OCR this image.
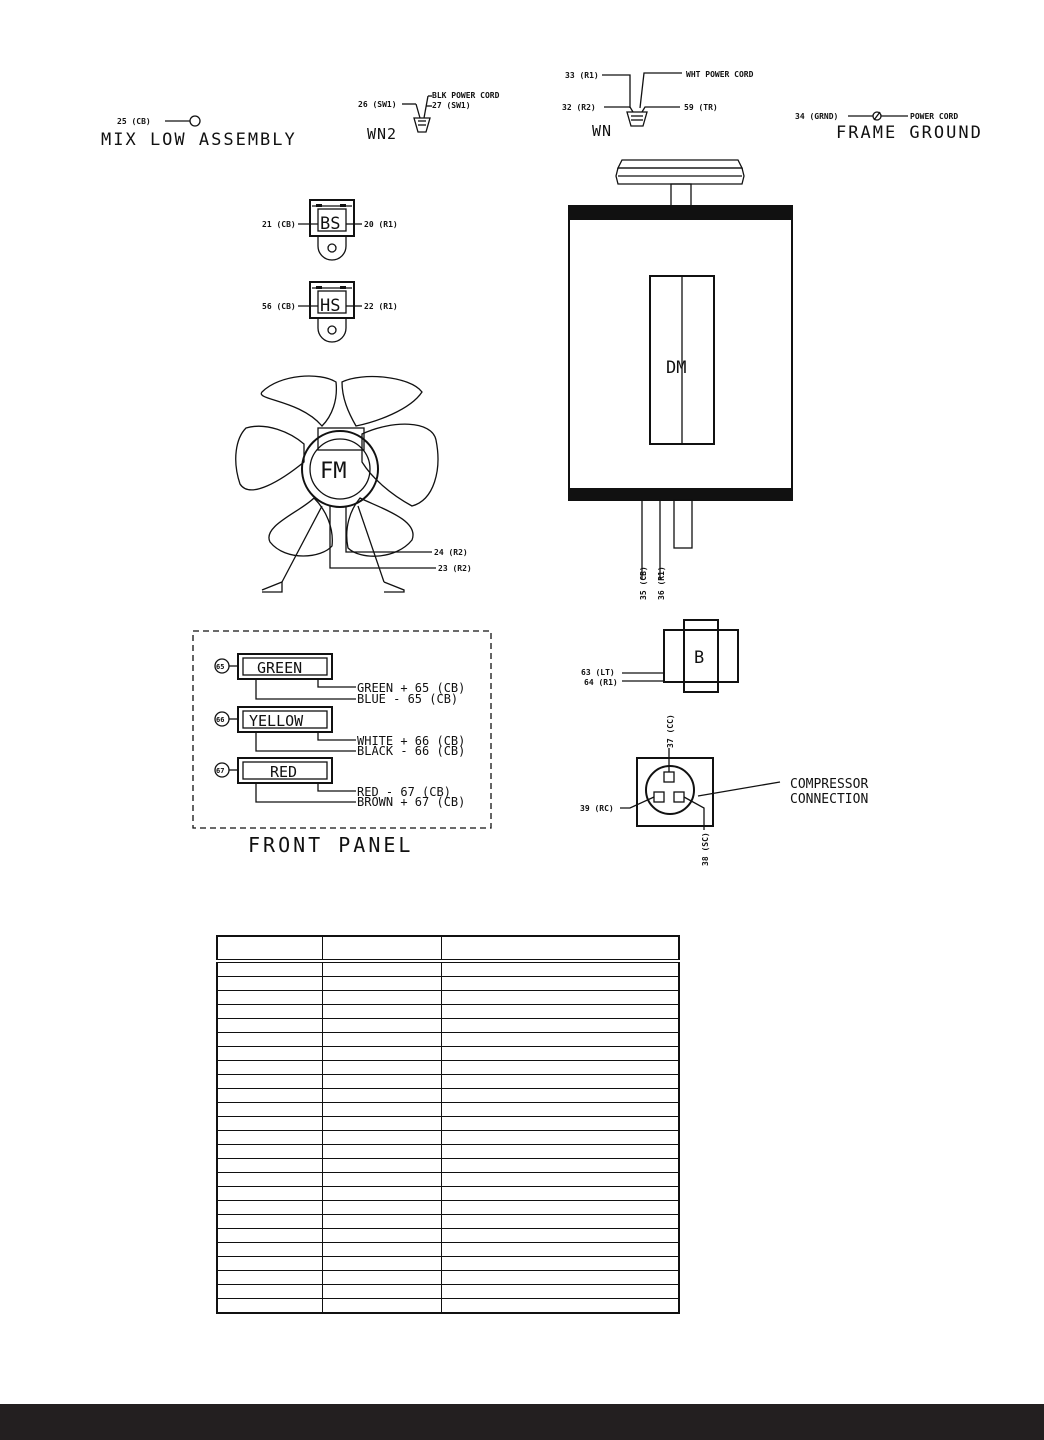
25 (CB)
MIX LOW ASSEMBLY
26 (SW1)
BLK POWER CORD
27 (SW1)
WN2
33 (R1)	WHT POWER CORD
32 (R2)	59 (TR)
WN
34 (GRND)	POWER CORD
FRAME GROUND
BS
21 (CB)	20 (R1)
HS
56 (CB)	22 (R1)
FM
24 (R2)
23 (R2)
DM
35 (CB) 36 (R1)
B
63 (LT)
64 (R1)
37 (CC)
39 (RC)
38 (SC)
COMPRESSOR
CONNECTION
65 GREEN
GREEN + 65 (CB)
BLUE - 65 (CB)
66 YELLOW
WHITE + 66 (CB)
BLACK - 66 (CB)
67	RED
RED - 67 (CB)
BROWN + 67 (CB)
FRONT PANEL
